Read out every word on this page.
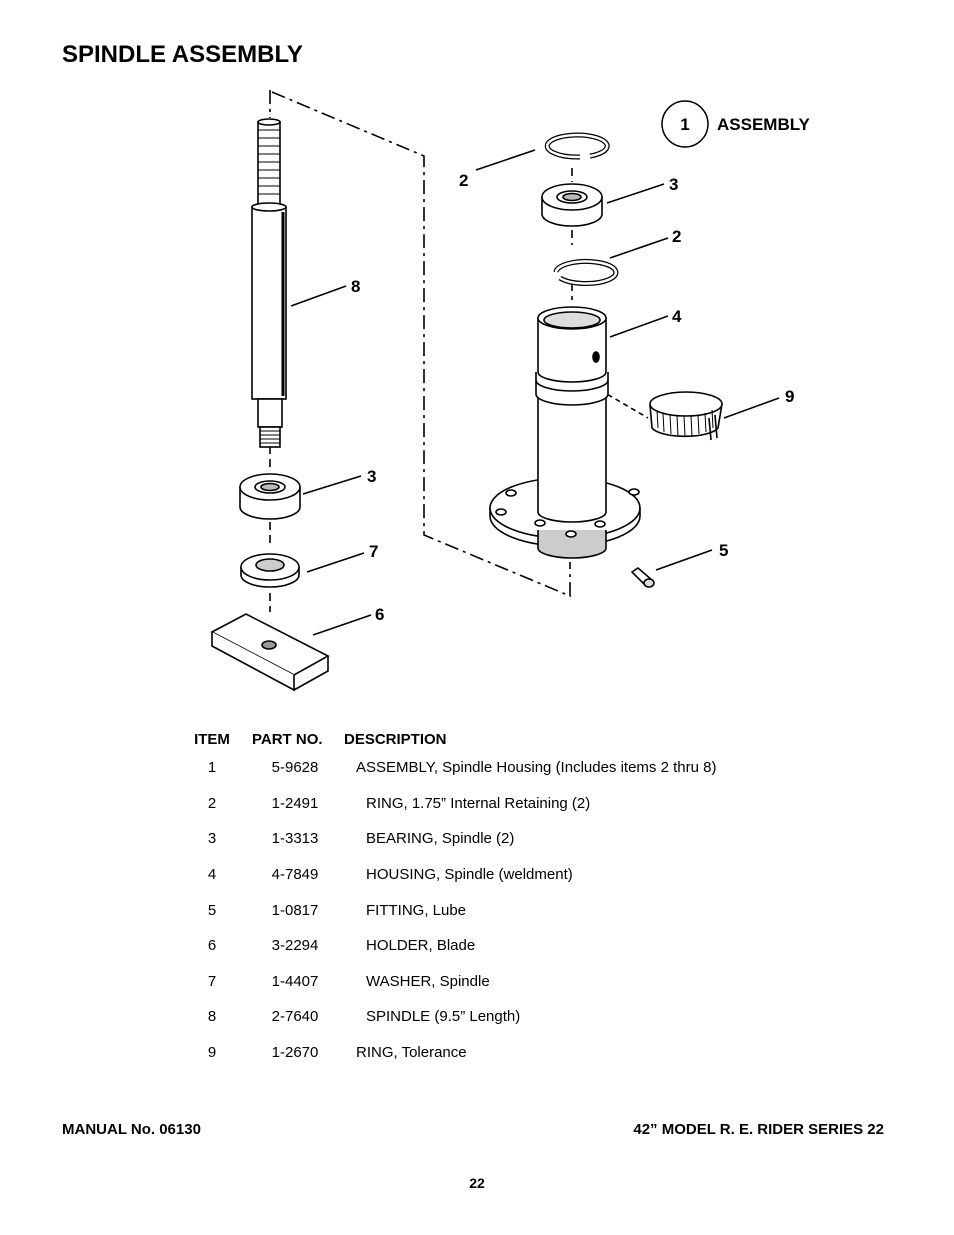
SPINDLE ASSEMBLY
1 ASSEMBLY
2	3
2
4
9
8
3
7
6
5
ITEM	PART NO.	DESCRIPTION
1	5-9628	ASSEMBLY, Spindle Housing (Includes items 2 thru 8)
2	1-2491	RING, 1.75” Internal Retaining (2)
3	1-3313	BEARING, Spindle (2)
4	4-7849	HOUSING, Spindle (weldment)
5	1-0817	FITTING, Lube
6	3-2294	HOLDER, Blade
7	1-4407	WASHER, Spindle
8	2-7640	SPINDLE (9.5” Length)
9	1-2670	RING, Tolerance
MANUAL No. 06130	42” MODEL R. E. RIDER SERIES 22
22
